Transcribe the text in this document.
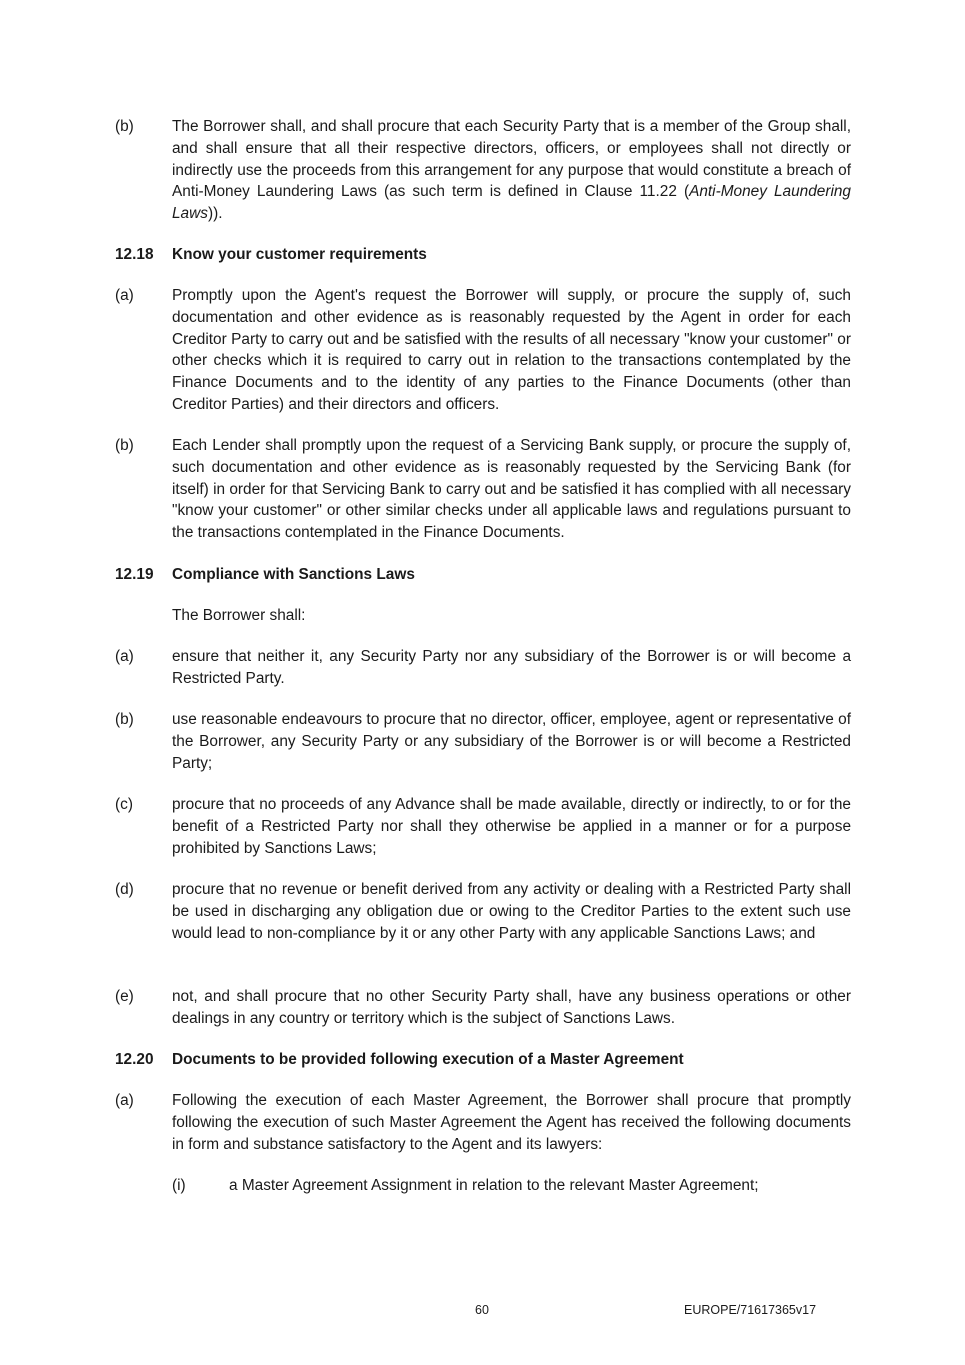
(b) The Borrower shall, and shall procure that each Security Party that is a member of the Group shall, and shall ensure that all their respective directors, officers, or employees shall not directly or indirectly use the proceeds from this arrangement for any purpose that would constitute a breach of Anti-Money Laundering Laws (as such term is defined in Clause 11.22 (Anti-Money Laundering Laws)).
12.18 Know your customer requirements
(a) Promptly upon the Agent's request the Borrower will supply, or procure the supply of, such documentation and other evidence as is reasonably requested by the Agent in order for each Creditor Party to carry out and be satisfied with the results of all necessary "know your customer" or other checks which it is required to carry out in relation to the transactions contemplated by the Finance Documents and to the identity of any parties to the Finance Documents (other than Creditor Parties) and their directors and officers.
(b) Each Lender shall promptly upon the request of a Servicing Bank supply, or procure the supply of, such documentation and other evidence as is reasonably requested by the Servicing Bank (for itself) in order for that Servicing Bank to carry out and be satisfied it has complied with all necessary "know your customer" or other similar checks under all applicable laws and regulations pursuant to the transactions contemplated in the Finance Documents.
12.19 Compliance with Sanctions Laws
The Borrower shall:
(a) ensure that neither it, any Security Party nor any subsidiary of the Borrower is or will become a Restricted Party.
(b) use reasonable endeavours to procure that no director, officer, employee, agent or representative of the Borrower, any Security Party or any subsidiary of the Borrower is or will become a Restricted Party;
(c)	procure that no proceeds of any Advance shall be made available, directly or indirectly, to or for the benefit of a Restricted Party nor shall they otherwise be applied in a manner or for a purpose prohibited by Sanctions Laws;
(d) procure that no revenue or benefit derived from any activity or dealing with a Restricted Party shall be used in discharging any obligation due or owing to the Creditor Parties to the extent such use would lead to non-compliance by it or any other Party with any applicable Sanctions Laws; and
(e) not, and shall procure that no other Security Party shall, have any business operations or other dealings in any country or territory which is the subject of Sanctions Laws.
12.20 Documents to be provided following execution of a Master Agreement
(a) Following the execution of each Master Agreement, the Borrower shall procure that promptly following the execution of such Master Agreement the Agent has received the following documents in form and substance satisfactory to the Agent and its lawyers:
(i)	a Master Agreement Assignment in relation to the relevant Master Agreement;
60	EUROPE/71617365v17
